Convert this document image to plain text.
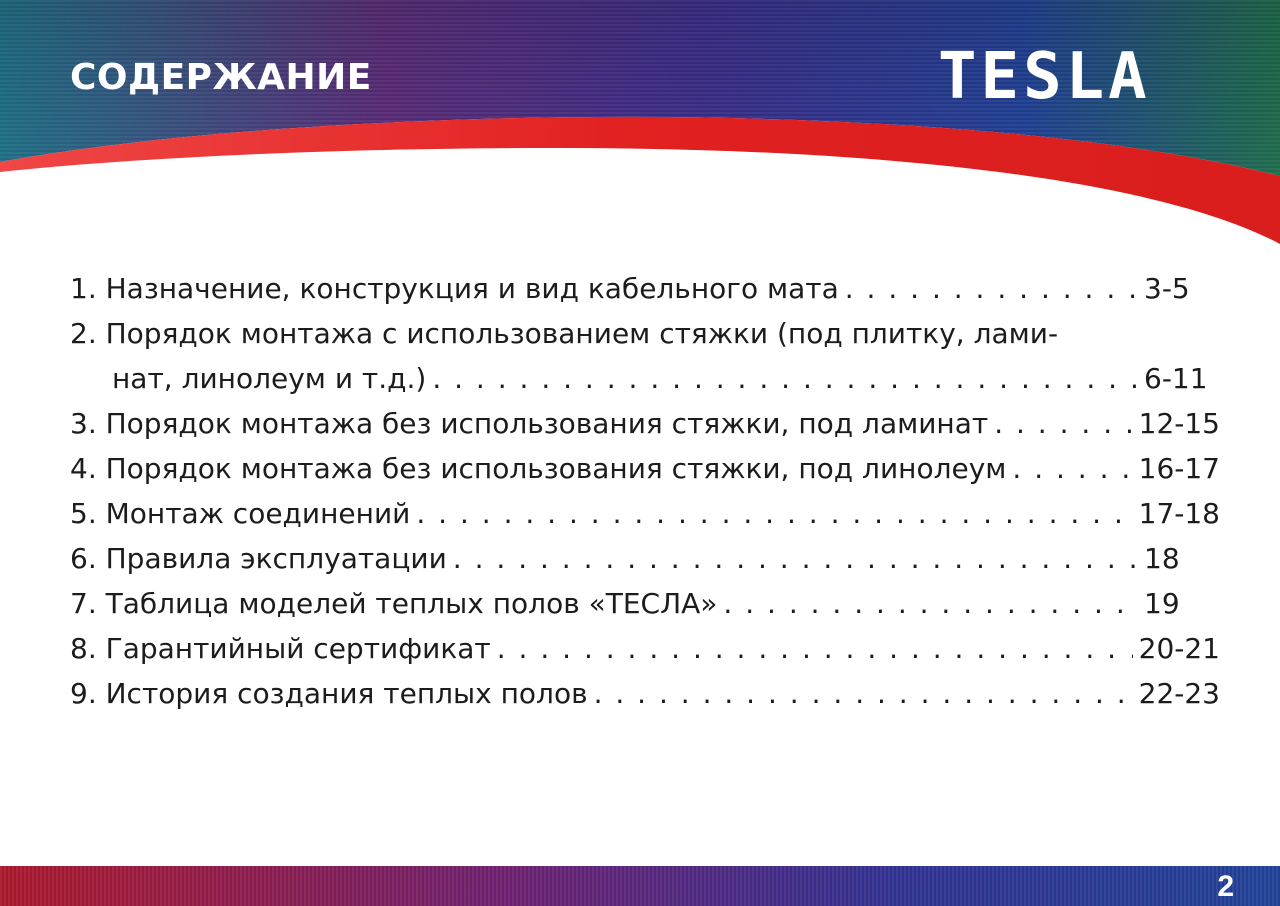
СОДЕРЖАНИЕ	TESLA
1. Назначение, конструкция и вид кабельного мата . . .	3-5
2. Порядок монтажа с использованием стяжки (под плитку, лами-
нат, линолеум и т.д.) . . .	6-11
3. Порядок монтажа без использования стяжки, под ламинат . . .	12-15
4. Порядок монтажа без использования стяжки, под линолеум . . .	16-17
5. Монтаж соединений . . .	17-18
6. Правила эксплуатации . . .	18
7. Таблица моделей теплых полов «ТЕСЛА» . . .	19
8. Гарантийный сертификат . . .	20-21
9. История создания теплых полов . . .	22-23
2
